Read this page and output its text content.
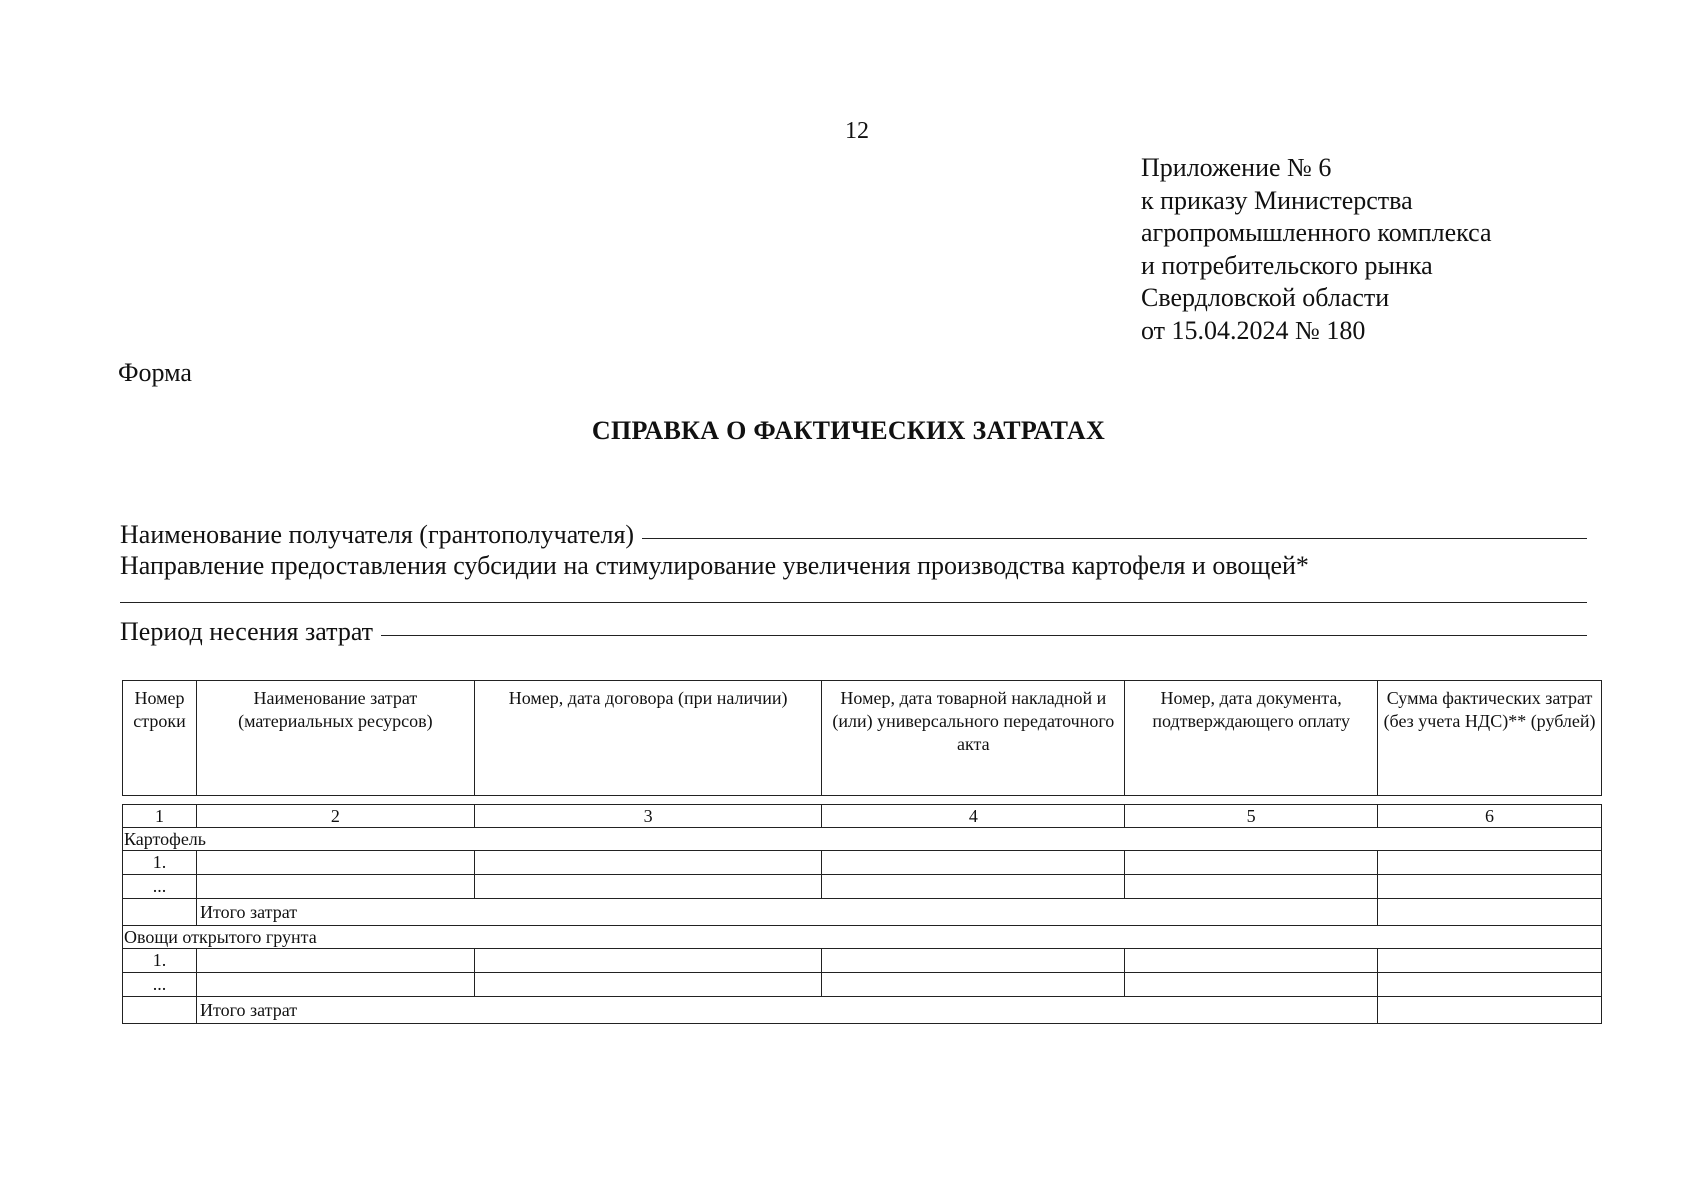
12
Приложение № 6
к приказу Министерства
агропромышленного комплекса
и потребительского рынка
Свердловской области
от 15.04.2024 № 180
Форма
СПРАВКА О ФАКТИЧЕСКИХ ЗАТРАТАХ
Наименование получателя (грантополучателя)
Направление предоставления субсидии на стимулирование увеличения производства картофеля и овощей*
Период несения затрат
Номер строки	Наименование затрат (материальных ресурсов)	Номер, дата договора (при наличии)	Номер, дата товарной накладной и (или) универсального передаточного акта	Номер, дата документа, подтверждающего оплату	Сумма фактических затрат (без учета НДС)** (рублей)

1	2	3	4	5	6
Картофель					
1.					
...					
	Итого затрат				
Овощи открытого грунта					
1.					
...					
	Итого затрат				
